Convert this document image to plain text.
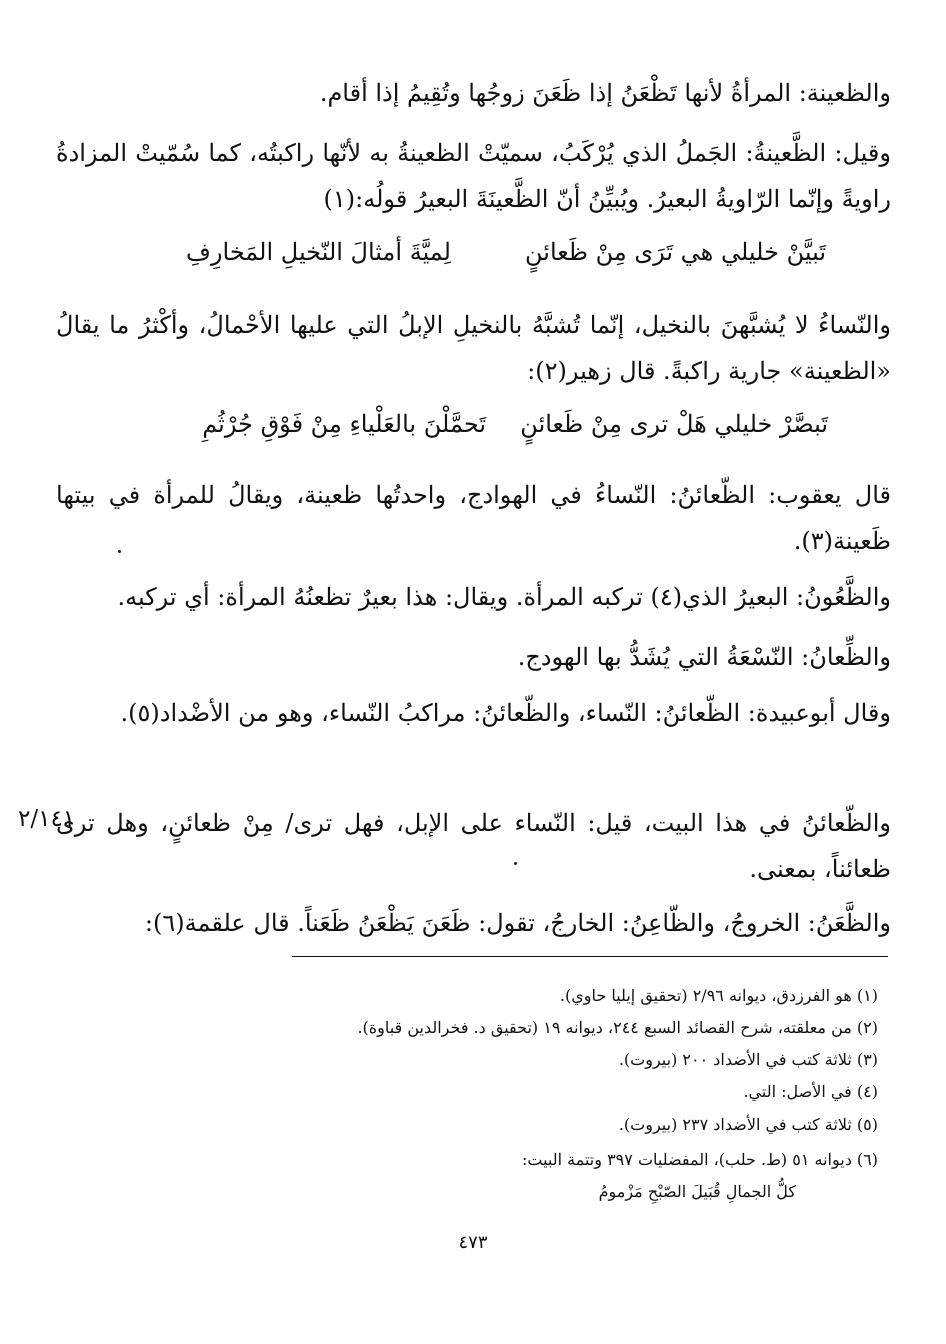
والظعينة: المرأةُ لأنها تَظْعَنُ إذا ظَعَنَ زوجُها وتُقِيمُ إذا أقام.

وقيل: الظَّعينةُ: الجَملُ الذي يُرْكَبُ، سميّتْ الظعينةُ به لأنّها راكبتُه، كما سُمّيتْ المزادةُ راويةً وإنّما الرّاويةُ البعيرُ. ويُبيِّنُ أنّ الظَّعينَةَ البعيرُ قولُه:(١)

تَبيَّنْ خليلي هي تَرَى مِنْ ظَعائنٍ
لِميَّةَ أمثالَ النّخيلِ المَخارِفِ

والنّساءُ لا يُشبَّهنَ بالنخيل، إنّما تُشبَّهُ بالنخيلِ الإبلُ التي عليها الأحْمالُ، وأكْثرُ ما يقالُ «الظعينة» جارية راكبةً. قال زهير(٢):

تَبصَّرْ خليلي هَلْ ترى مِنْ ظَعائنٍ
تَحمَّلْنَ بالعَلْياءِ مِنْ فَوْقِ جُرْثُمِ

قال يعقوب: الظّعائنُ: النّساءُ في الهوادج، واحدتُها ظعينة، ويقالُ للمرأة في بيتها ظَعينة(٣).

والظَّعُونُ: البعيرُ الذي(٤) تركبه المرأة. ويقال: هذا بعيرٌ تظعنُهُ المرأة: أي تركبه.

والظِّعانُ: النّسْعَةُ التي يُشَدُّ بها الهودج.

وقال أبوعبيدة: الظّعائنُ: النّساء، والظّعائنُ: مراكبُ النّساء، وهو من الأضْداد(٥).

والظّعائنُ في هذا البيت، قيل: النّساء على الإبل، فهل ترى/ مِنْ ظعائنٍ، وهل ترى ظعائناً، بمعنى.

والظَّعَنُ: الخروجُ، والظّاعِنُ: الخارجُ، تقول: ظَعَنَ يَظْعَنُ ظَعَناً. قال علقمة(٦):

٢/١٤١
(١) هو الفرزدق، ديوانه ٢/٩٦ (تحقيق إيليا حاوي).
(٢) من معلقته، شرح القصائد السبع ٢٤٤، ديوانه ١٩ (تحقيق د. فخرالدين قباوة).
(٣) ثلاثة كتب في الأضداد ٢٠٠ (بيروت).
(٤) في الأصل: التي.
(٥) ثلاثة كتب في الأضداد ٢٣٧ (بيروت).
(٦) ديوانه ٥١ (ط. حلب)، المفضليات ٣٩٧ وتتمة البيت:
كلُّ الجمالِ قُبَيلَ الصّبْحِ مَزْمومُ
٤٧٣
